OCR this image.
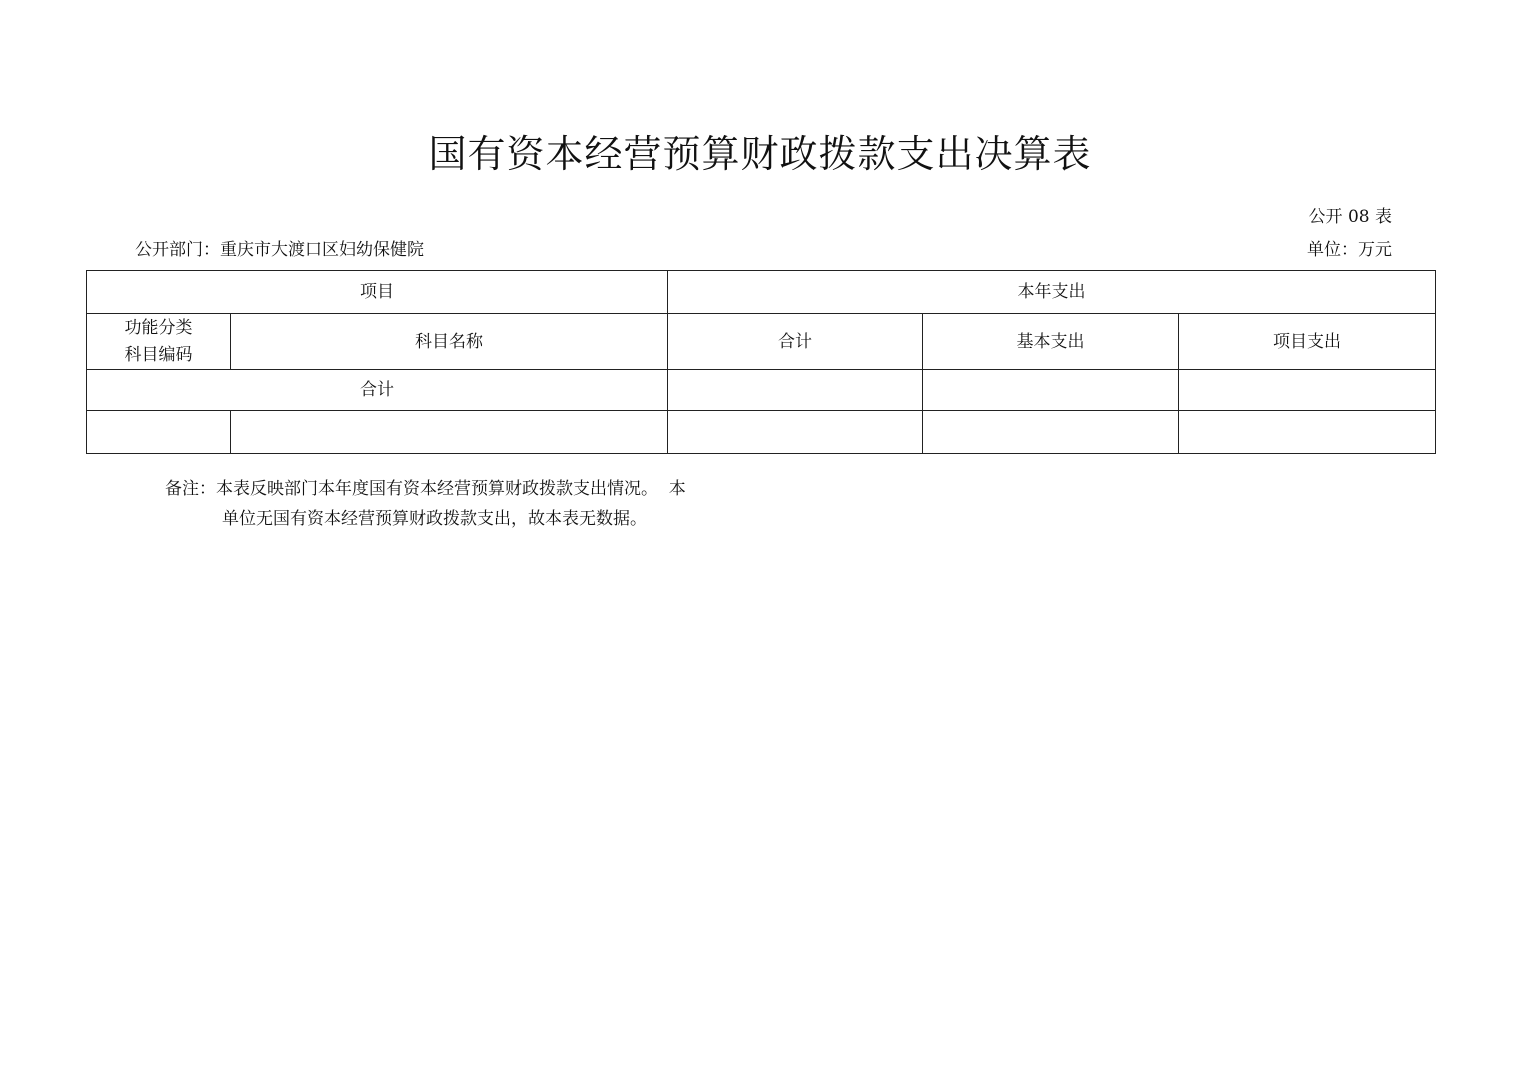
国有资本经营预算财政拨款支出决算表
公开 08 表
公开部门：重庆市大渡口区妇幼保健院	单位：万元
项目		本年支出		

功能分类
科目编码	科目名称	合计	基本支出	项目支出
合计				

备注：本表反映部门本年度国有资本经营预算财政拨款支出情况。  本
单位无国有资本经营预算财政拨款支出，故本表无数据。
